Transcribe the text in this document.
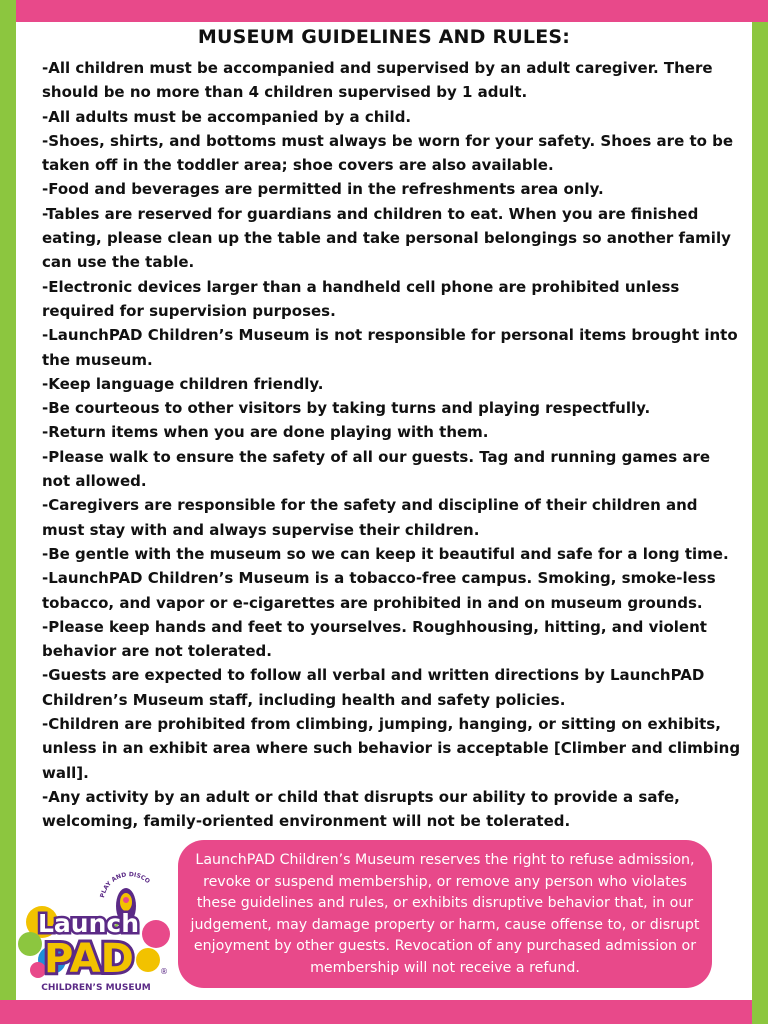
MUSEUM GUIDELINES AND RULES:
-All children must be accompanied and supervised by an adult caregiver. There should be no more than 4 children supervised by 1 adult.
-All adults must be accompanied by a child.
-Shoes, shirts, and bottoms must always be worn for your safety. Shoes are to be taken off in the toddler area; shoe covers are also available.
-Food and beverages are permitted in the refreshments area only.
-Tables are reserved for guardians and children to eat. When you are finished eating, please clean up the table and take personal belongings so another family can use the table.
-Electronic devices larger than a handheld cell phone are prohibited unless required for supervision purposes.
-LaunchPAD Children’s Museum is not responsible for personal items brought into the museum.
-Keep language children friendly.
-Be courteous to other visitors by taking turns and playing respectfully.
-Return items when you are done playing with them.
-Please walk to ensure the safety of all our guests. Tag and running games are not allowed.
-Caregivers are responsible for the safety and discipline of their children and must stay with and always supervise their children.
-Be gentle with the museum so we can keep it beautiful and safe for a long time.
-LaunchPAD Children’s Museum is a tobacco-free campus. Smoking, smoke-less tobacco, and vapor or e-cigarettes are prohibited in and on museum grounds.
-Please keep hands and feet to yourselves. Roughhousing, hitting, and violent behavior are not tolerated.
-Guests are expected to follow all verbal and written directions by LaunchPAD Children’s Museum staff, including health and safety policies.
-Children are prohibited from climbing, jumping, hanging, or sitting on exhibits, unless in an exhibit area where such behavior is acceptable [Climber and climbing wall].
-Any activity by an adult or child that disrupts our ability to provide a safe, welcoming, family-oriented environment will not be tolerated.
PLAY AND DISCO
Launch
PAD	®
CHILDREN’S MUSEUM
LaunchPAD Children’s Museum reserves the right to refuse admission, revoke or suspend membership, or remove any person who violates these guidelines and rules, or exhibits disruptive behavior that, in our judgement, may damage property or harm, cause offense to, or disrupt enjoyment by other guests. Revocation of any purchased admission or membership will not receive a refund.
